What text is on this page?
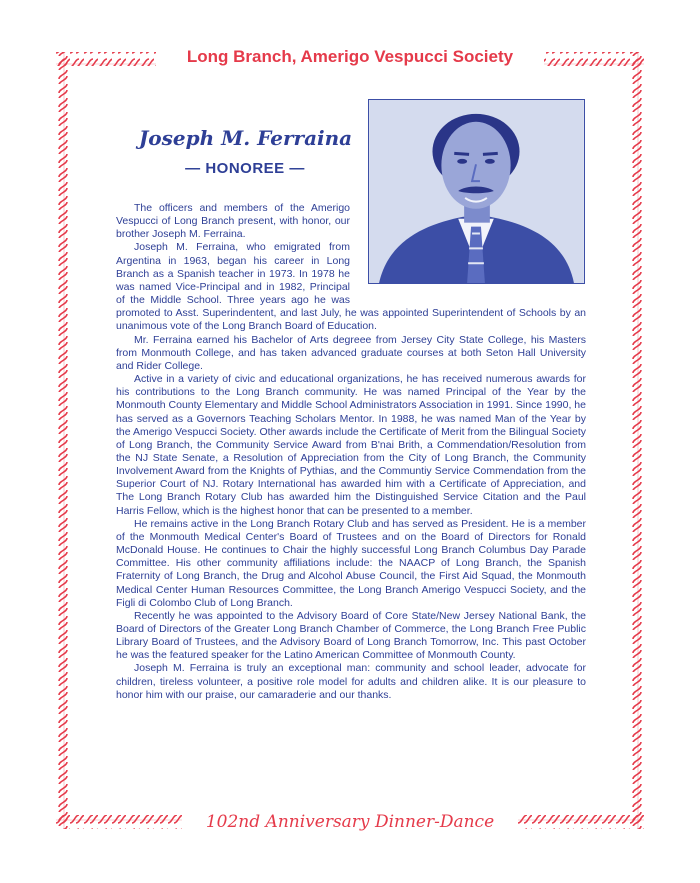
Long Branch, Amerigo Vespucci Society
102nd Anniversary Dinner-Dance
Joseph M. Ferraina
— HONOREE —

The officers and members of the Amerigo Vespucci of Long Branch present, with honor, our brother Joseph M. Ferraina.

Joseph M. Ferraina, who emigrated from Argentina in 1963, began his career in Long Branch as a Spanish teacher in 1973. In 1978 he was named Vice-Principal and in 1982, Principal of the Middle School. Three years ago he was promoted to Asst. Superindentent, and last July, he was appointed Superintendent of Schools by an unanimous vote of the Long Branch Board of Education.

Mr. Ferraina earned his Bachelor of Arts degreee from Jersey City State College, his Masters from Monmouth College, and has taken advanced graduate courses at both Seton Hall University and Rider College.

Active in a variety of civic and educational organizations, he has received numerous awards for his contributions to the Long Branch community. He was named Principal of the Year by the Monmouth County Elementary and Middle School Administrators Association in 1991. Since 1990, he has served as a Governors Teaching Scholars Mentor. In 1988, he was named Man of the Year by the Amerigo Vespucci Society. Other awards include the Certificate of Merit from the Bilingual Society of Long Branch, the Community Service Award from B'nai Brith, a Commendation/Resolution from the NJ State Senate, a Resolution of Appreciation from the City of Long Branch, the Community Involvement Award from the Knights of Pythias, and the Communtiy Service Commendation from the Superior Court of NJ. Rotary International has awarded him with a Certificate of Appreciation, and The Long Branch Rotary Club has awarded him the Distinguished Service Citation and the Paul Harris Fellow, which is the highest honor that can be presented to a member.

He remains active in the Long Branch Rotary Club and has served as President. He is a member of the Monmouth Medical Center's Board of Trustees and on the Board of Directors for Ronald McDonald House. He continues to Chair the highly successful Long Branch Columbus Day Parade Committee. His other community affiliations include: the NAACP of Long Branch, the Spanish Fraternity of Long Branch, the Drug and Alcohol Abuse Council, the First Aid Squad, the Monmouth Medical Center Human Resources Committee, the Long Branch Amerigo Vespucci Society, and the Figli di Colombo Club of Long Branch.

Recently he was appointed to the Advisory Board of Core State/New Jersey National Bank, the Board of Directors of the Greater Long Branch Chamber of Commerce, the Long Branch Free Public Library Board of Trustees, and the Advisory Board of Long Branch Tomorrow, Inc. This past October he was the featured speaker for the Latino American Committee of Monmouth County.

Joseph M. Ferraina is truly an exceptional man: community and school leader, advocate for children, tireless volunteer, a positive role model for adults and children alike. It is our pleasure to honor him with our praise, our camaraderie and our thanks.
